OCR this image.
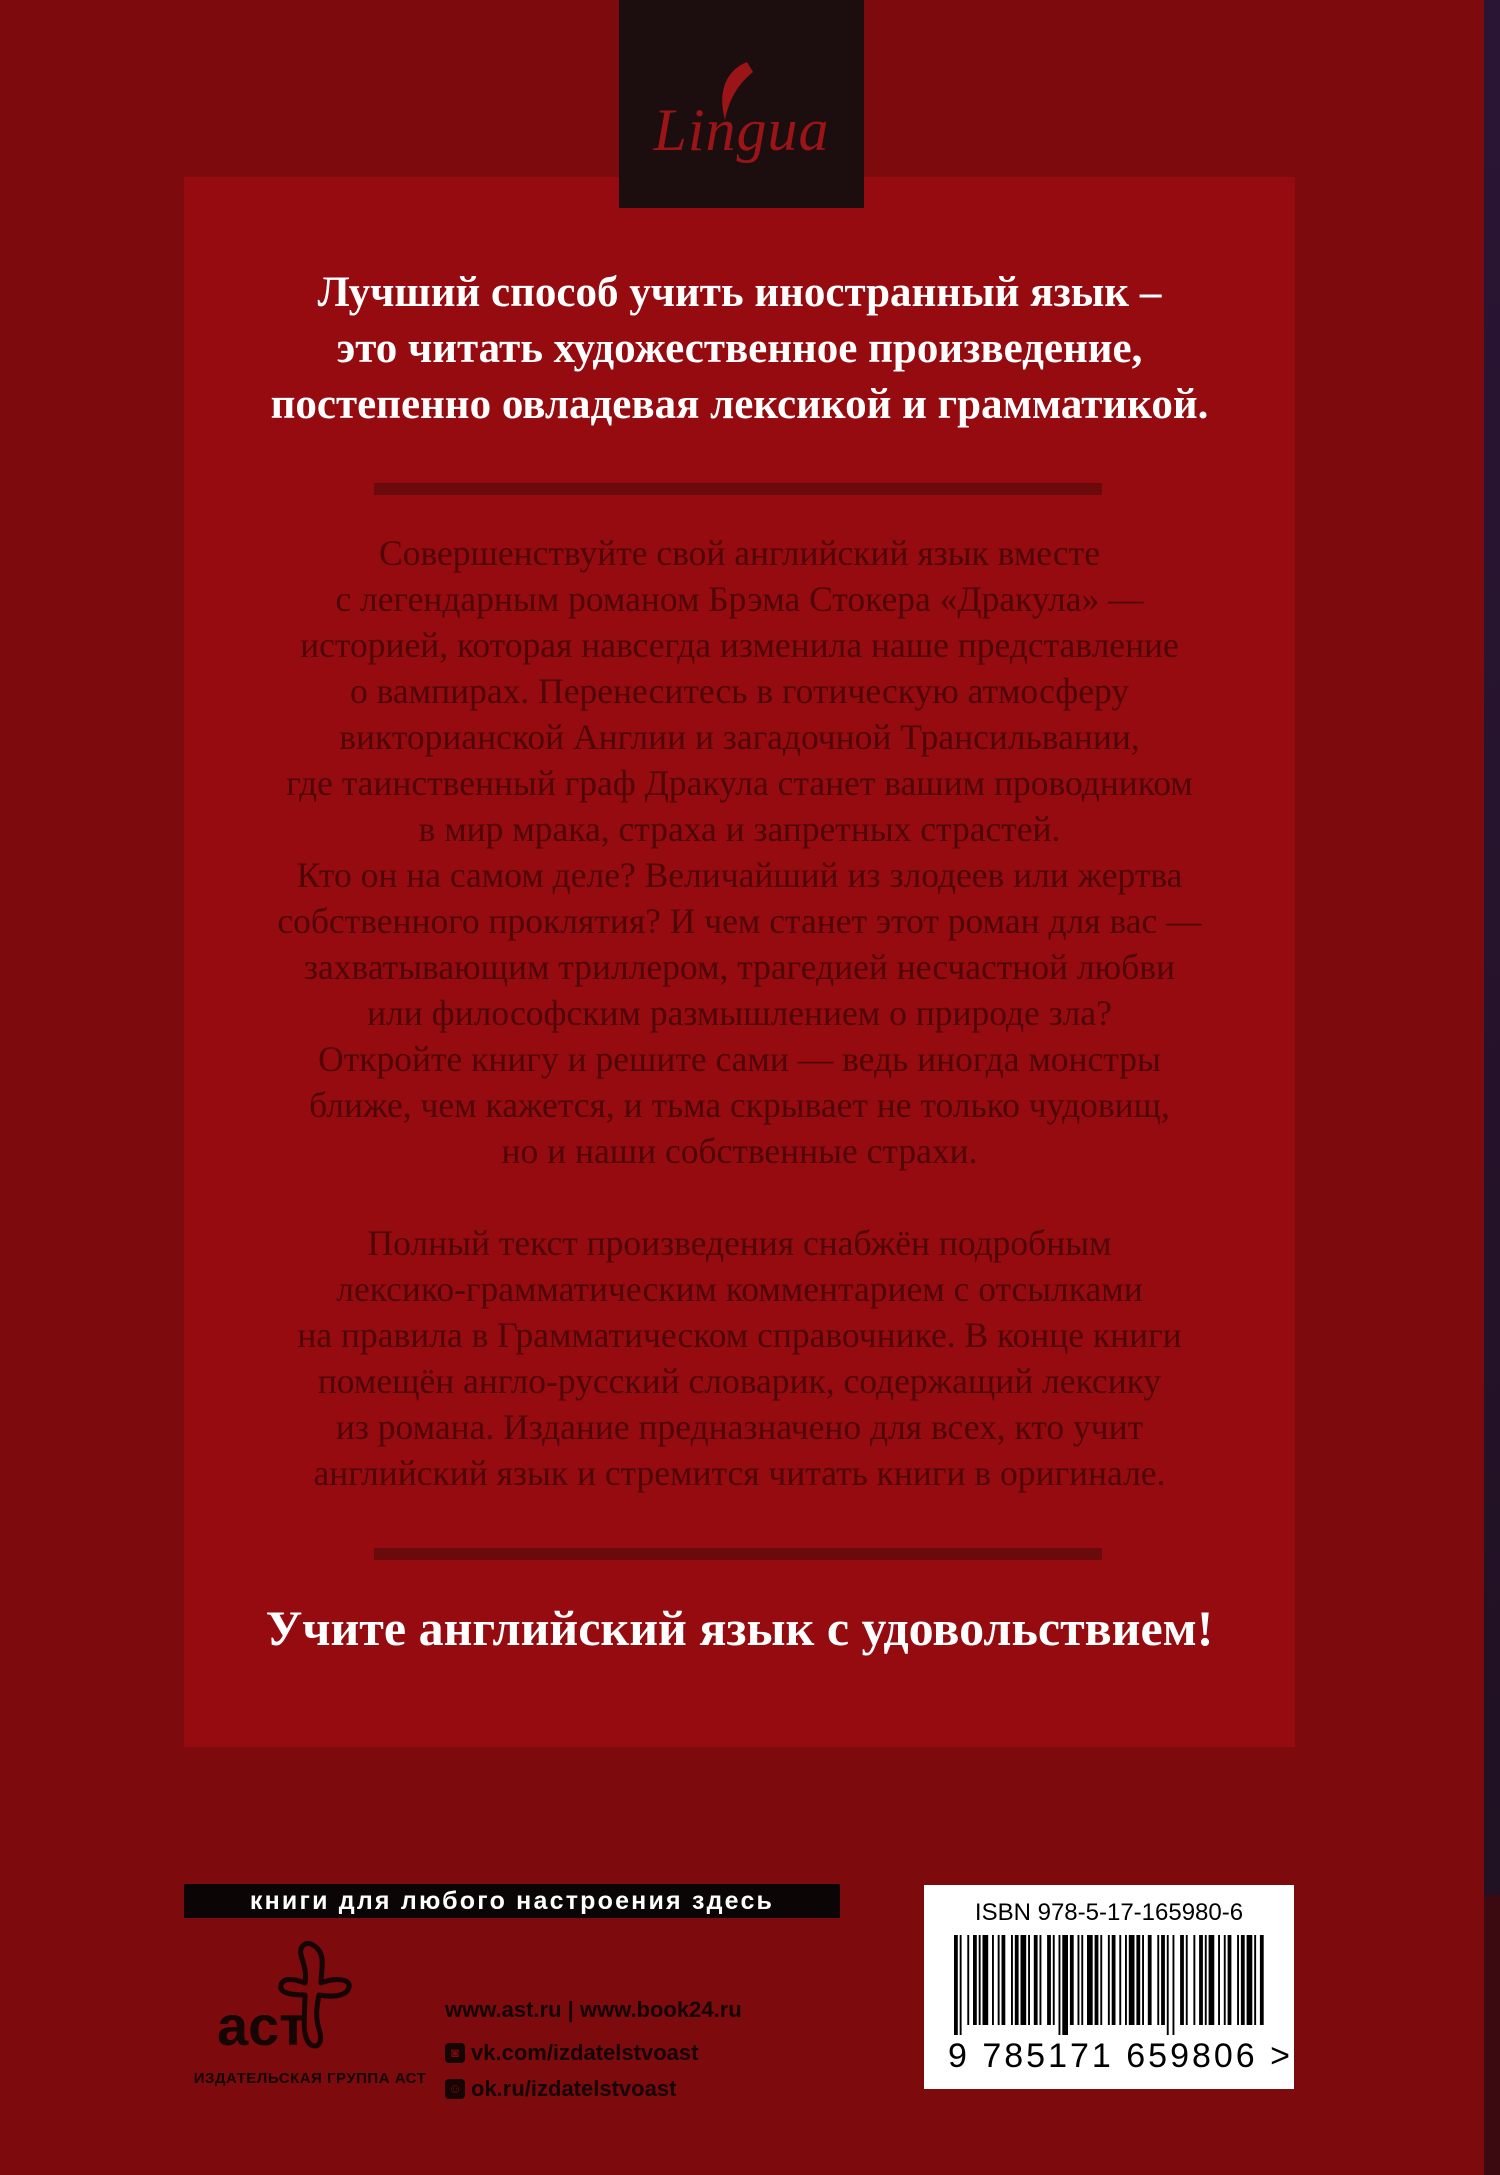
Lingua
Лучший способ учить иностранный язык –
это читать художественное произведение,
постепенно овладевая лексикой и грамматикой.
Совершенствуйте свой английский язык вместе
с легендарным романом Брэма Стокера «Дракула» —
историей, которая навсегда изменила наше представление
о вампирах. Перенеситесь в готическую атмосферу
викторианской Англии и загадочной Трансильвании,
где таинственный граф Дракула станет вашим проводником
в мир мрака, страха и запретных страстей.
Кто он на самом деле? Величайший из злодеев или жертва
собственного проклятия? И чем станет этот роман для вас —
захватывающим триллером, трагедией несчастной любви
или философским размышлением о природе зла?
Откройте книгу и решите сами — ведь иногда монстры
ближе, чем кажется, и тьма скрывает не только чудовищ,
но и наши собственные страхи.
Полный текст произведения снабжён подробным
лексико-грамматическим комментарием с отсылками
на правила в Грамматическом справочнике. В конце книги
помещён англо-русский словарик, содержащий лексику
из романа. Издание предназначено для всех, кто учит
английский язык и стремится читать книги в оригинале.
Учите английский язык с удовольствием!
книги для любого настроения здесь
аст
ИЗДАТЕЛЬСКАЯ ГРУППА АСТ
www.ast.ru | www.book24.ru
◙ vk.com/izdatelstvoast
☺ ok.ru/izdatelstvoast
ISBN 978-5-17-165980-6
9 785171 659806 >
